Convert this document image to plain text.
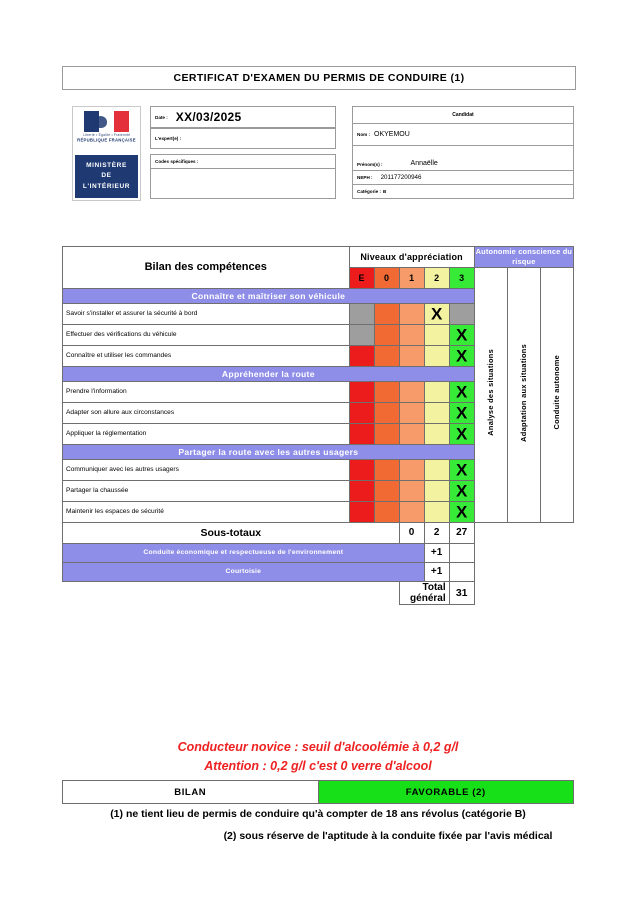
CERTIFICAT D'EXAMEN DU PERMIS DE CONDUIRE (1)
Liberté • Égalité • Fraternité
RÉPUBLIQUE FRANÇAISE
MINISTÈRE
DE
L'INTÉRIEUR
Date : XX/03/2025
L'expert(e) :
Codes spécifiques :
Candidat
Nom : OKYEMOU
Prénom(s) :	Annaëlle
NEPH : 201177200946
Catégorie : B
Bilan des compétences	Niveaux d'appréciation					Autonomie conscience du risque		
	E	0	1	2	3	Analyse des situations	Adaptation aux situations	Conduite autonome
Connaître et maîtriser son véhicule								
Savoir s'installer et assurer la sécurité à bord				X				

Effectuer des vérifications du véhicule					X			

Connaître et utiliser les commandes					X			

Appréhender la route								
Prendre l'information					X			

Adapter son allure aux circonstances					X			

Appliquer la réglementation					X			

Partager la route avec les autres usagers								
Communiquer avec les autres usagers					X			

Partager la chaussée					X			

Maintenir les espaces de sécurité					X			

Sous-totaux			0	2	27			
Conduite économique et respectueuse de l'environnement				+1				
Courtoisie				+1				
			Total général		31			
Conducteur novice : seuil d'alcoolémie à 0,2 g/l
Attention : 0,2 g/l c'est 0 verre d'alcool
BILAN	FAVORABLE (2)
(1) ne tient lieu de permis de conduire qu'à compter de 18 ans révolus (catégorie B)
(2) sous réserve de l'aptitude à la conduite fixée par l'avis médical
